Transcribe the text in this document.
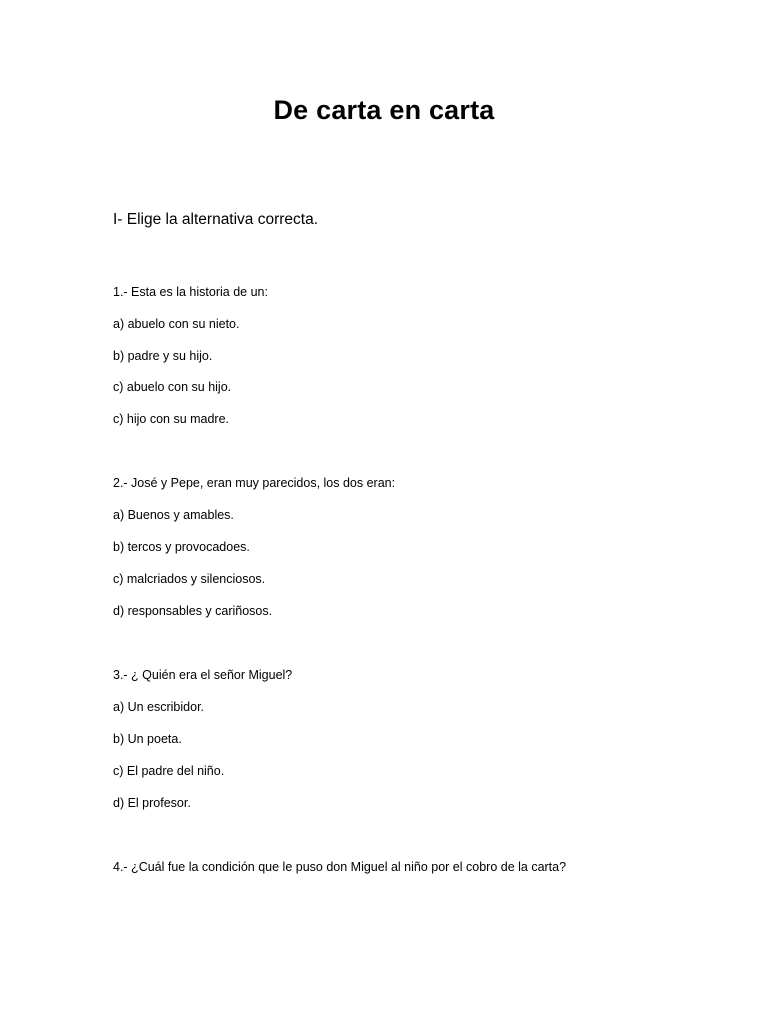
De carta en carta
I- Elige la alternativa correcta.
1.- Esta es la historia de un:
a) abuelo con su nieto.
b) padre y su hijo.
c) abuelo con su hijo.
c) hijo con su madre.
2.- José y Pepe, eran muy parecidos, los dos eran:
a) Buenos y amables.
b) tercos y provocadoes.
c) malcriados y silenciosos.
d) responsables y cariñosos.
3.- ¿ Quién era el señor Miguel?
a) Un escribidor.
b) Un poeta.
c) El padre del niño.
d) El profesor.
4.- ¿Cuál fue la condición que le puso don Miguel al niño por el cobro de la carta?
